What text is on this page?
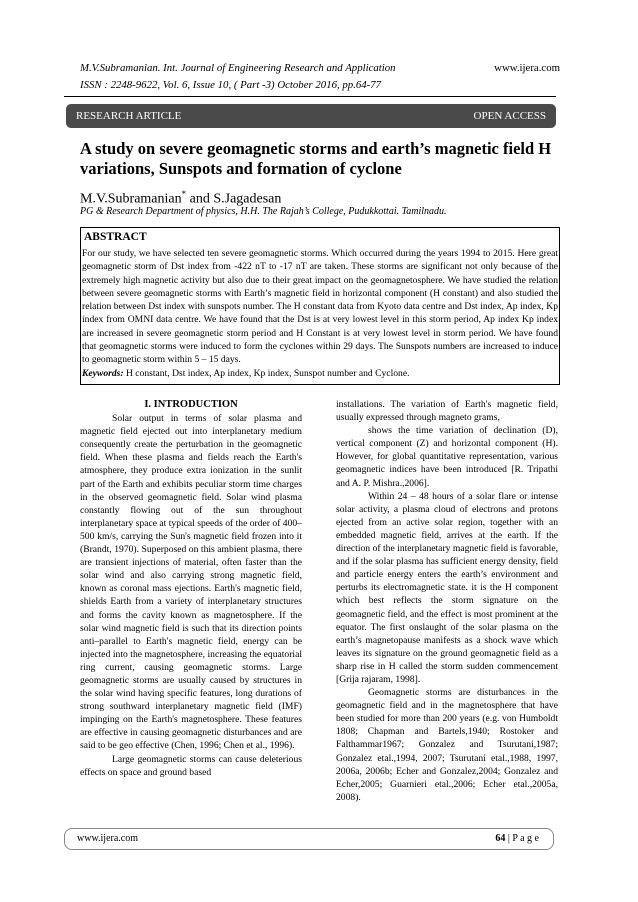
M.V.Subramanian. Int. Journal of Engineering Research and Application	www.ijera.com
ISSN : 2248-9622, Vol. 6, Issue 10, ( Part -3) October 2016, pp.64-77
RESEARCH ARTICLE	OPEN ACCESS
A study on severe geomagnetic storms and earth’s magnetic field H variations, Sunspots and formation of cyclone
M.V.Subramanian* and S.Jagadesan
PG & Research Department of physics, H.H. The Rajah’s College, Pudukkottai. Tamilnadu.
ABSTRACT
For our study, we have selected ten severe geomagnetic storms. Which occurred during the years 1994 to 2015. Here great geomagnetic storm of Dst index from -422 nT to -17 nT are taken. These storms are significant not only because of the extremely high magnetic activity but also due to their great impact on the geomagnetosphere. We have studied the relation between severe geomagnetic storms with Earth’s magnetic field in horizontal component (H constant) and also studied the relation between Dst index with sunspots number. The H constant data from Kyoto data centre and Dst index, Ap index, Kp index from OMNI data centre. We have found that the Dst is at very lowest level in this storm period, Ap index Kp index are increased in severe geomagnetic storm period and H Constant is at very lowest level in storm period. We have found that geomagnetic storms were induced to form the cyclones within 29 days. The Sunspots numbers are increased to induce to geomagnetic storm within 5 – 15 days.
Keywords: H constant, Dst index, Ap index, Kp index, Sunspot number and Cyclone.
I. INTRODUCTION

Solar output in terms of solar plasma and magnetic field ejected out into interplanetary medium consequently create the perturbation in the geomagnetic field. When these plasma and fields reach the Earth's atmosphere, they produce extra ionization in the sunlit part of the Earth and exhibits peculiar storm time charges in the observed geomagnetic field. Solar wind plasma constantly flowing out of the sun throughout interplanetary space at typical speeds of the order of 400–500 km/s, carrying the Sun's magnetic field frozen into it (Brandt, 1970). Superposed on this ambient plasma, there are transient injections of material, often faster than the solar wind and also carrying strong magnetic field, known as coronal mass ejections. Earth's magnetic field, shields Earth from a variety of interplanetary structures and forms the cavity known as magnetosphere. If the solar wind magnetic field is such that its direction points anti–parallel to Earth's magnetic field, energy can be injected into the magnetosphere, increasing the equatorial ring current, causing geomagnetic storms. Large geomagnetic storms are usually caused by structures in the solar wind having specific features, long durations of strong southward interplanetary magnetic field (IMF) impinging on the Earth's magnetosphere. These features are effective in causing geomagnetic disturbances and are said to be geo effective (Chen, 1996; Chen et al., 1996).

Large geomagnetic storms can cause deleterious effects on space and ground based

installations. The variation of Earth's magnetic field, usually expressed through magneto grams,

shows the time variation of declination (D), vertical component (Z) and horizontal component (H). However, for global quantitative representation, various geomagnetic indices have been introduced [R. Tripathi and A. P. Mishra.,2006].

Within 24 – 48 hours of a solar flare or intense solar activity, a plasma cloud of electrons and protons ejected from an active solar region, together with an embedded magnetic field, arrives at the earth. If the direction of the interplanetary magnetic field is favorable, and if the solar plasma has sufficient energy density, field and particle energy enters the earth’s environment and perturbs its electromagnetic state. it is the H component which best reflects the storm signature on the geomagnetic field, and the effect is most prominent at the equator. The first onslaught of the solar plasma on the earth’s magnetopause manifests as a shock wave which leaves its signature on the ground geomagnetic field as a sharp rise in H called the storm sudden commencement [Grija rajaram, 1998].

Geomagnetic storms are disturbances in the geomagnetic field and in the magnetosphere that have been studied for more than 200 years (e.g. von Humboldt 1808; Chapman and Bartels,1940; Rostoker and Falthammar1967; Gonzalez and Tsurutani,1987; Gonzalez etal.,1994, 2007; Tsurutani etal.,1988, 1997, 2006a, 2006b; Echer and Gonzalez,2004; Gonzalez and Echer,2005; Guarnieri etal.,2006; Echer etal.,2005a, 2008).

www.ijera.com	64 | P a g e
